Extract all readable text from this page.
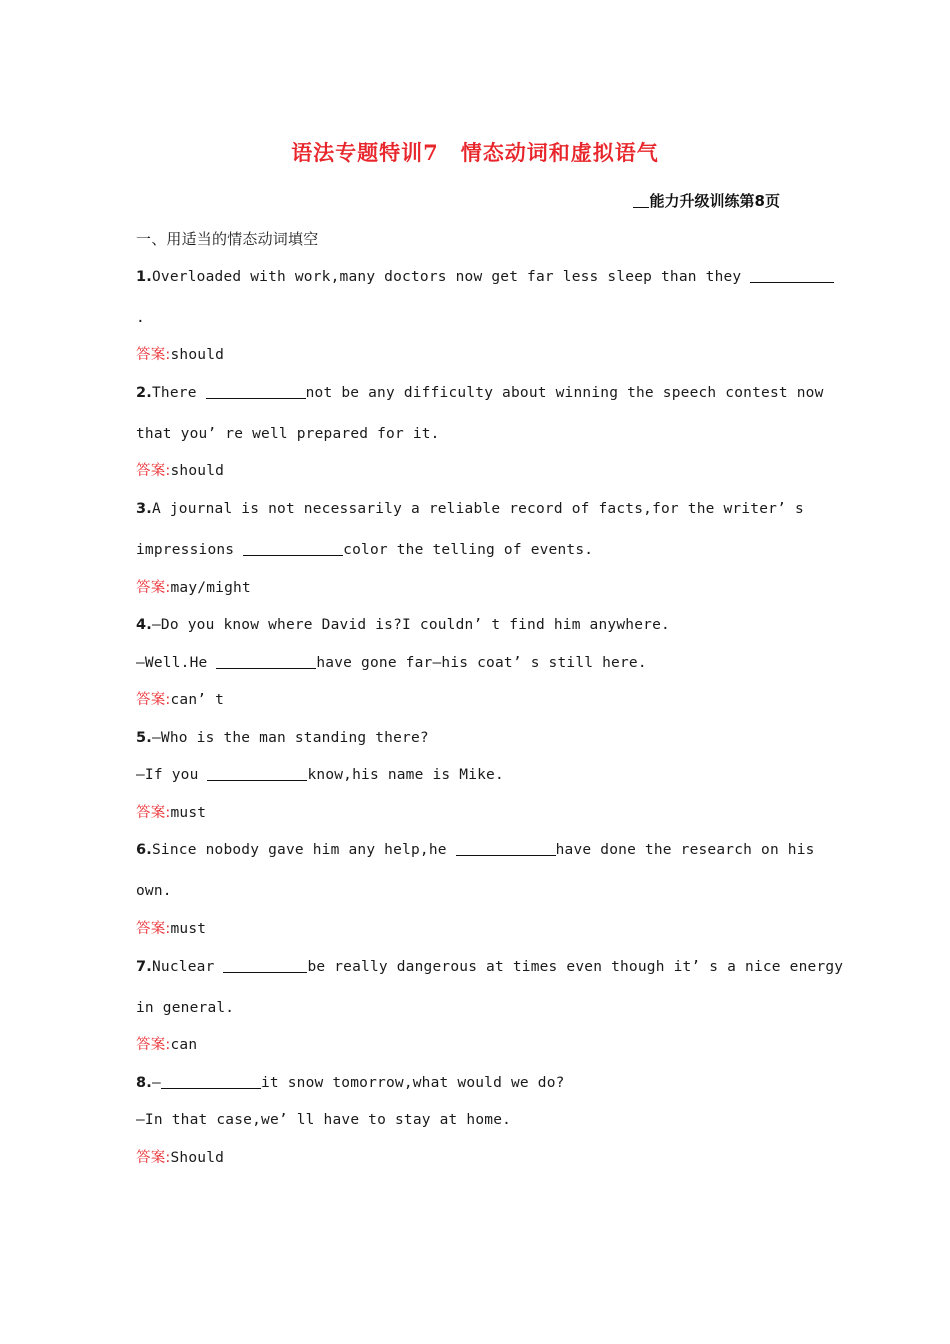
语法专题特训7　情态动词和虚拟语气
能力升级训练第8页
一、用适当的情态动词填空
1.Overloaded with work,many doctors now get far less sleep than they
.
答案:should
2.There	not be any difficulty about winning the speech contest now
that you’ re well prepared for it.
答案:should
3.A journal is not necessarily a reliable record of facts,for the writer’ s
impressions	color the telling of events.
答案:may/might
4.—Do you know where David is?I couldn’ t find him anywhere.
—Well.He	have gone far—his coat’ s still here.
答案:can’ t
5.—Who is the man standing there?
—If you	know,his name is Mike.
答案:must
6.Since nobody gave him any help,he	have done the research on his
own.
答案:must
7.Nuclear	be really dangerous at times even though it’ s a nice energy
in general.
答案:can
8.—	it snow tomorrow,what would we do?
—In that case,we’ ll have to stay at home.
答案:Should
